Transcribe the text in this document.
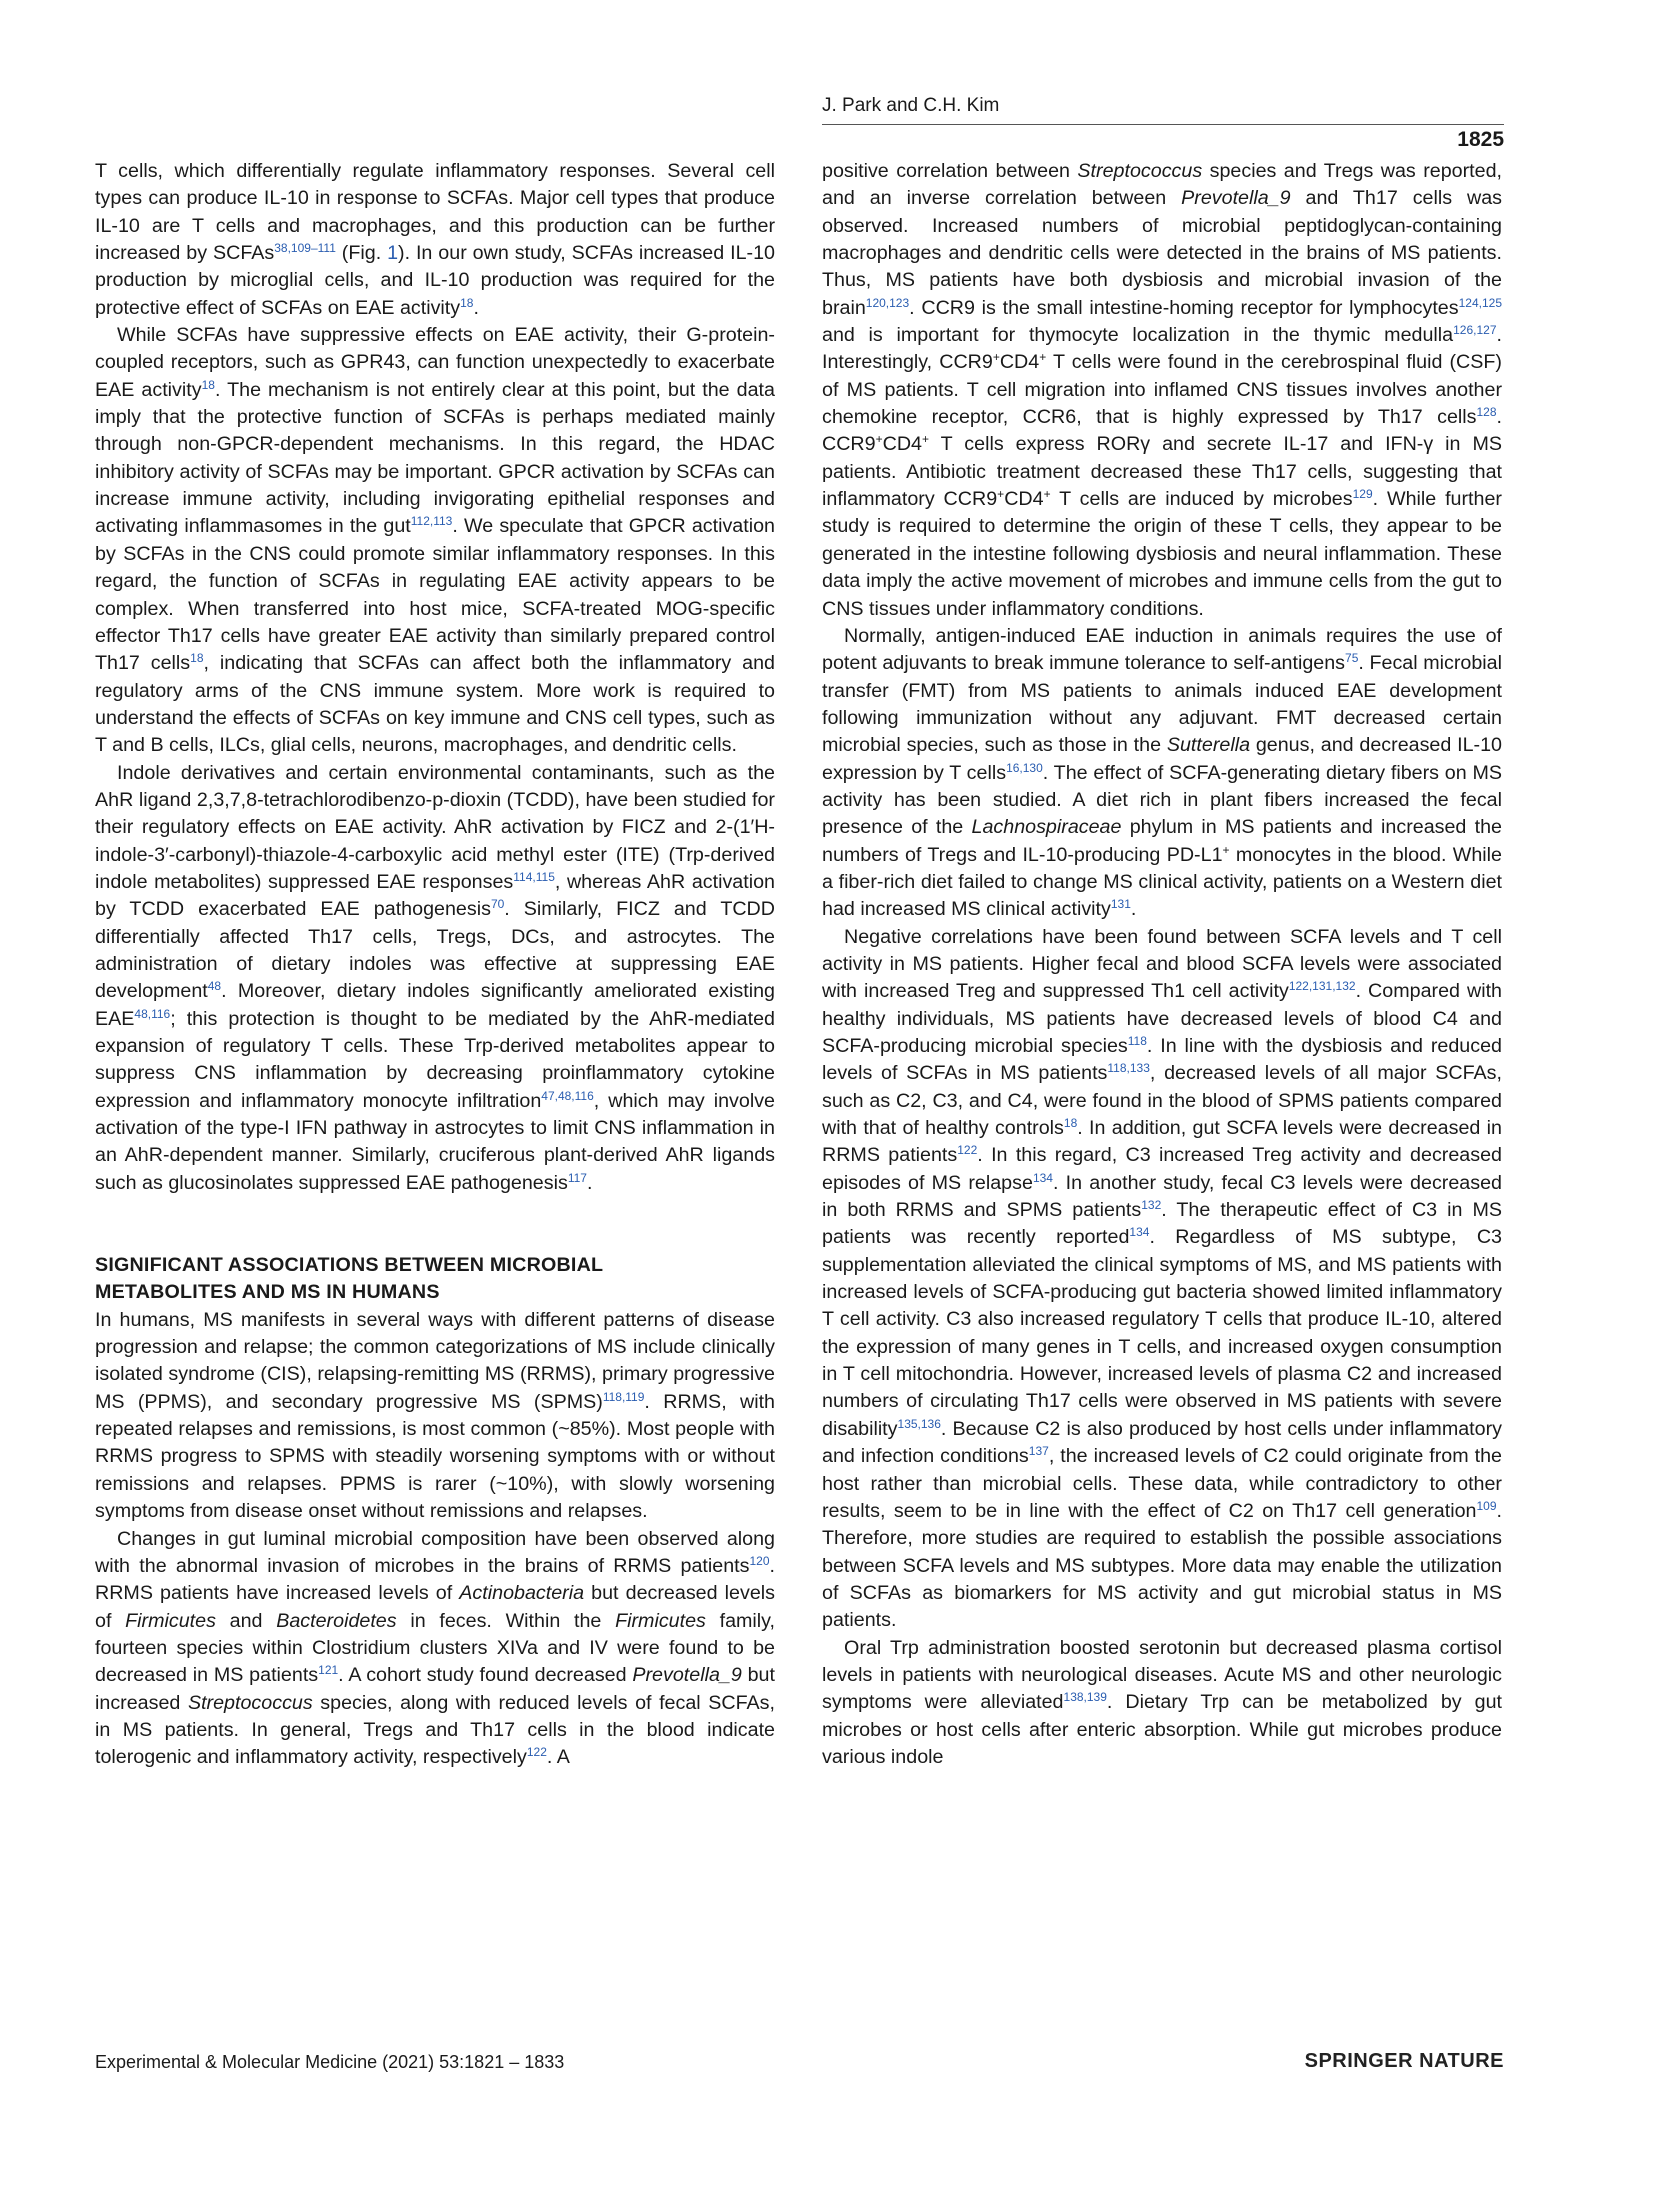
J. Park and C.H. Kim
1825

T cells, which differentially regulate inflammatory responses. Several cell types can produce IL-10 in response to SCFAs. Major cell types that produce IL-10 are T cells and macrophages, and this production can be further increased by SCFAs$^{38,109-111}$ (Fig. 1). In our own study, SCFAs increased IL-10 production by microglial cells, and IL-10 production was required for the protective effect of SCFAs on EAE activity$^{18}$.

While SCFAs have suppressive effects on EAE activity, their G-protein-coupled receptors, such as GPR43, can function unexpectedly to exacerbate EAE activity$^{18}$. The mechanism is not entirely clear at this point, but the data imply that the protective function of SCFAs is perhaps mediated mainly through non-GPCR-dependent mechanisms. In this regard, the HDAC inhibitory activity of SCFAs may be important. GPCR activation by SCFAs can increase immune activity, including invigorating epithelial responses and activating inflammasomes in the gut$^{112,113}$. We speculate that GPCR activation by SCFAs in the CNS could promote similar inflammatory responses. In this regard, the function of SCFAs in regulating EAE activity appears to be complex. When transferred into host mice, SCFA-treated MOG-specific effector Th17 cells have greater EAE activity than similarly prepared control Th17 cells$^{18}$, indicating that SCFAs can affect both the inflammatory and regulatory arms of the CNS immune system. More work is required to understand the effects of SCFAs on key immune and CNS cell types, such as T and B cells, ILCs, glial cells, neurons, macrophages, and dendritic cells.

Indole derivatives and certain environmental contaminants, such as the AhR ligand 2,3,7,8-tetrachlorodibenzo-p-dioxin (TCDD), have been studied for their regulatory effects on EAE activity. AhR activation by FICZ and 2-(1′H-indole-3′-carbonyl)-thiazole-4-carboxylic acid methyl ester (ITE) (Trp-derived indole metabolites) suppressed EAE responses$^{114,115}$, whereas AhR activation by TCDD exacerbated EAE pathogenesis$^{70}$. Similarly, FICZ and TCDD differentially affected Th17 cells, Tregs, DCs, and astrocytes. The administration of dietary indoles was effective at suppressing EAE development$^{48}$. Moreover, dietary indoles significantly ameliorated existing EAE$^{48,116}$; this protection is thought to be mediated by the AhR-mediated expansion of regulatory T cells. These Trp-derived metabolites appear to suppress CNS inflammation by decreasing proinflammatory cytokine expression and inflammatory monocyte infiltration$^{47,48,116}$, which may involve activation of the type-I IFN pathway in astrocytes to limit CNS inflammation in an AhR-dependent manner. Similarly, cruciferous plant-derived AhR ligands such as glucosinolates suppressed EAE pathogenesis$^{117}$.

SIGNIFICANT ASSOCIATIONS BETWEEN MICROBIAL
METABOLITES AND MS IN HUMANS

In humans, MS manifests in several ways with different patterns of disease progression and relapse; the common categorizations of MS include clinically isolated syndrome (CIS), relapsing-remitting MS (RRMS), primary progressive MS (PPMS), and secondary progressive MS (SPMS)$^{118,119}$. RRMS, with repeated relapses and remissions, is most common (~85%). Most people with RRMS progress to SPMS with steadily worsening symptoms with or without remissions and relapses. PPMS is rarer (~10%), with slowly worsening symptoms from disease onset without remissions and relapses.

Changes in gut luminal microbial composition have been observed along with the abnormal invasion of microbes in the brains of RRMS patients$^{120}$. RRMS patients have increased levels of Actinobacteria but decreased levels of Firmicutes and Bacteroidetes in feces. Within the Firmicutes family, fourteen species within Clostridium clusters XIVa and IV were found to be decreased in MS patients$^{121}$. A cohort study found decreased Prevotella_9 but increased Streptococcus species, along with reduced levels of fecal SCFAs, in MS patients. In general, Tregs and Th17 cells in the blood indicate tolerogenic and inflammatory activity, respectively$^{122}$. A

positive correlation between Streptococcus species and Tregs was reported, and an inverse correlation between Prevotella_9 and Th17 cells was observed. Increased numbers of microbial peptidoglycan-containing macrophages and dendritic cells were detected in the brains of MS patients. Thus, MS patients have both dysbiosis and microbial invasion of the brain$^{120,123}$. CCR9 is the small intestine-homing receptor for lymphocytes$^{124,125}$ and is important for thymocyte localization in the thymic medulla$^{126,127}$. Interestingly, CCR9+CD4+ T cells were found in the cerebrospinal fluid (CSF) of MS patients. T cell migration into inflamed CNS tissues involves another chemokine receptor, CCR6, that is highly expressed by Th17 cells$^{128}$. CCR9+CD4+ T cells express RORγ and secrete IL-17 and IFN-γ in MS patients. Antibiotic treatment decreased these Th17 cells, suggesting that inflammatory CCR9+CD4+ T cells are induced by microbes$^{129}$. While further study is required to determine the origin of these T cells, they appear to be generated in the intestine following dysbiosis and neural inflammation. These data imply the active movement of microbes and immune cells from the gut to CNS tissues under inflammatory conditions.

Normally, antigen-induced EAE induction in animals requires the use of potent adjuvants to break immune tolerance to self-antigens$^{75}$. Fecal microbial transfer (FMT) from MS patients to animals induced EAE development following immunization without any adjuvant. FMT decreased certain microbial species, such as those in the Sutterella genus, and decreased IL-10 expression by T cells$^{16,130}$. The effect of SCFA-generating dietary fibers on MS activity has been studied. A diet rich in plant fibers increased the fecal presence of the Lachnospiraceae phylum in MS patients and increased the numbers of Tregs and IL-10-producing PD-L1+ monocytes in the blood. While a fiber-rich diet failed to change MS clinical activity, patients on a Western diet had increased MS clinical activity$^{131}$.

Negative correlations have been found between SCFA levels and T cell activity in MS patients. Higher fecal and blood SCFA levels were associated with increased Treg and suppressed Th1 cell activity$^{122,131,132}$. Compared with healthy individuals, MS patients have decreased levels of blood C4 and SCFA-producing microbial species$^{118}$. In line with the dysbiosis and reduced levels of SCFAs in MS patients$^{118,133}$, decreased levels of all major SCFAs, such as C2, C3, and C4, were found in the blood of SPMS patients compared with that of healthy controls$^{18}$. In addition, gut SCFA levels were decreased in RRMS patients$^{122}$. In this regard, C3 increased Treg activity and decreased episodes of MS relapse$^{134}$. In another study, fecal C3 levels were decreased in both RRMS and SPMS patients$^{132}$. The therapeutic effect of C3 in MS patients was recently reported$^{134}$. Regardless of MS subtype, C3 supplementation alleviated the clinical symptoms of MS, and MS patients with increased levels of SCFA-producing gut bacteria showed limited inflammatory T cell activity. C3 also increased regulatory T cells that produce IL-10, altered the expression of many genes in T cells, and increased oxygen consumption in T cell mitochondria. However, increased levels of plasma C2 and increased numbers of circulating Th17 cells were observed in MS patients with severe disability$^{135,136}$. Because C2 is also produced by host cells under inflammatory and infection conditions$^{137}$, the increased levels of C2 could originate from the host rather than microbial cells. These data, while contradictory to other results, seem to be in line with the effect of C2 on Th17 cell generation$^{109}$. Therefore, more studies are required to establish the possible associations between SCFA levels and MS subtypes. More data may enable the utilization of SCFAs as biomarkers for MS activity and gut microbial status in MS patients.

Oral Trp administration boosted serotonin but decreased plasma cortisol levels in patients with neurological diseases. Acute MS and other neurologic symptoms were alleviated$^{138,139}$. Dietary Trp can be metabolized by gut microbes or host cells after enteric absorption. While gut microbes produce various indole

Experimental & Molecular Medicine (2021) 53:1821 – 1833	SPRINGER NATURE
